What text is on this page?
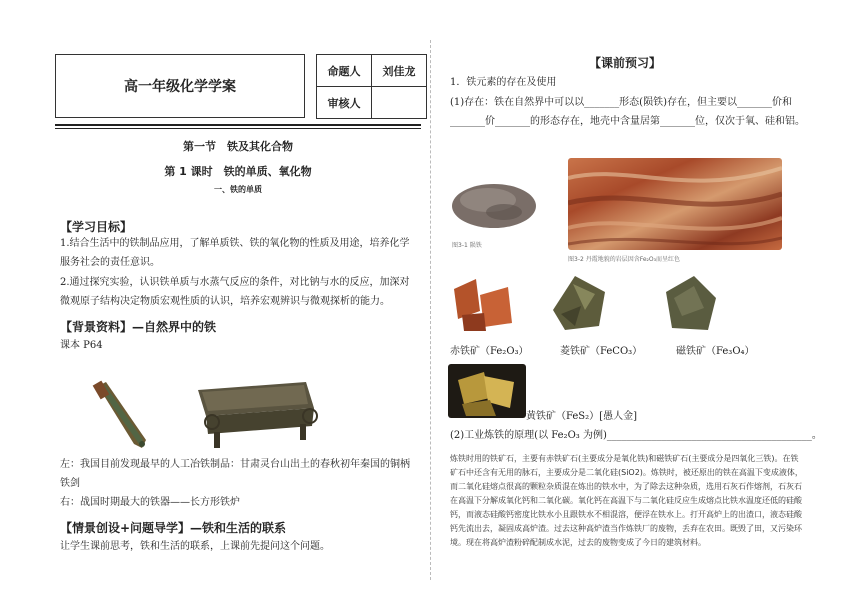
高一年级化学学案
命题人	刘佳龙
审核人	
第一节　铁及其化合物
第 1 课时　铁的单质、氧化物
一、铁的单质
【学习目标】
1.结合生活中的铁制品应用，了解单质铁、铁的氧化物的性质及用途，培养化学
服务社会的责任意识。
2.通过探究实验，认识铁单质与水蒸气反应的条件，对比钠与水的反应，加深对
微观原子结构决定物质宏观性质的认识，培养宏观辨识与微观探析的能力。
【背景资料】—自然界中的铁
课本 P64
左：我国目前发现最早的人工冶铁制品：甘肃灵台山出土的春秋初年秦国的铜柄
铁剑
右：战国时期最大的铁器——长方形铁炉
【情景创设+问题导学】—铁和生活的联系
让学生课前思考，铁和生活的联系，上课前先提问这个问题。
【课前预习】
1．铁元素的存在及使用
(1)存在：铁在自然界中可以以_______形态(陨铁)存在，但主要以_______价和
_______价_______的形态存在，地壳中含量居第_______位，仅次于氧、硅和铝。
图3-1 陨铁
图3-2 丹霞地貌的岩层因含Fe₂O₃而呈红色
赤铁矿（Fe₂O₃）	菱铁矿（FeCO₃）	磁铁矿（Fe₃O₄）
黄铁矿（FeS₂）[愚人金]
(2)工业炼铁的原理(以 Fe₂O₃ 为例)_________________________________________。
炼铁时用的铁矿石，主要有赤铁矿石(主要成分是氧化铁)和磁铁矿石(主要成分是四氧化三铁)。在铁
矿石中还含有无用的脉石，主要成分是二氧化硅(SiO2)。炼铁时，被还原出的铁在高温下变成液体，
而二氧化硅熔点很高的颗粒杂质混在炼出的铁水中，为了除去这种杂质，选用石灰石作熔剂，石灰石
在高温下分解成氧化钙和二氧化碳。氧化钙在高温下与二氧化硅反应生成熔点比铁水温度还低的硅酸
钙，而液态硅酸钙密度比铁水小且跟铁水不相混溶，便浮在铁水上。打开高炉上的出渣口，液态硅酸
钙先流出去，凝固成高炉渣。过去这种高炉渣当作炼铁厂的废物，丢弃在农田。既毁了田，又污染环
境。现在将高炉渣粉碎配制成水泥，过去的废物变成了今日的建筑材料。
